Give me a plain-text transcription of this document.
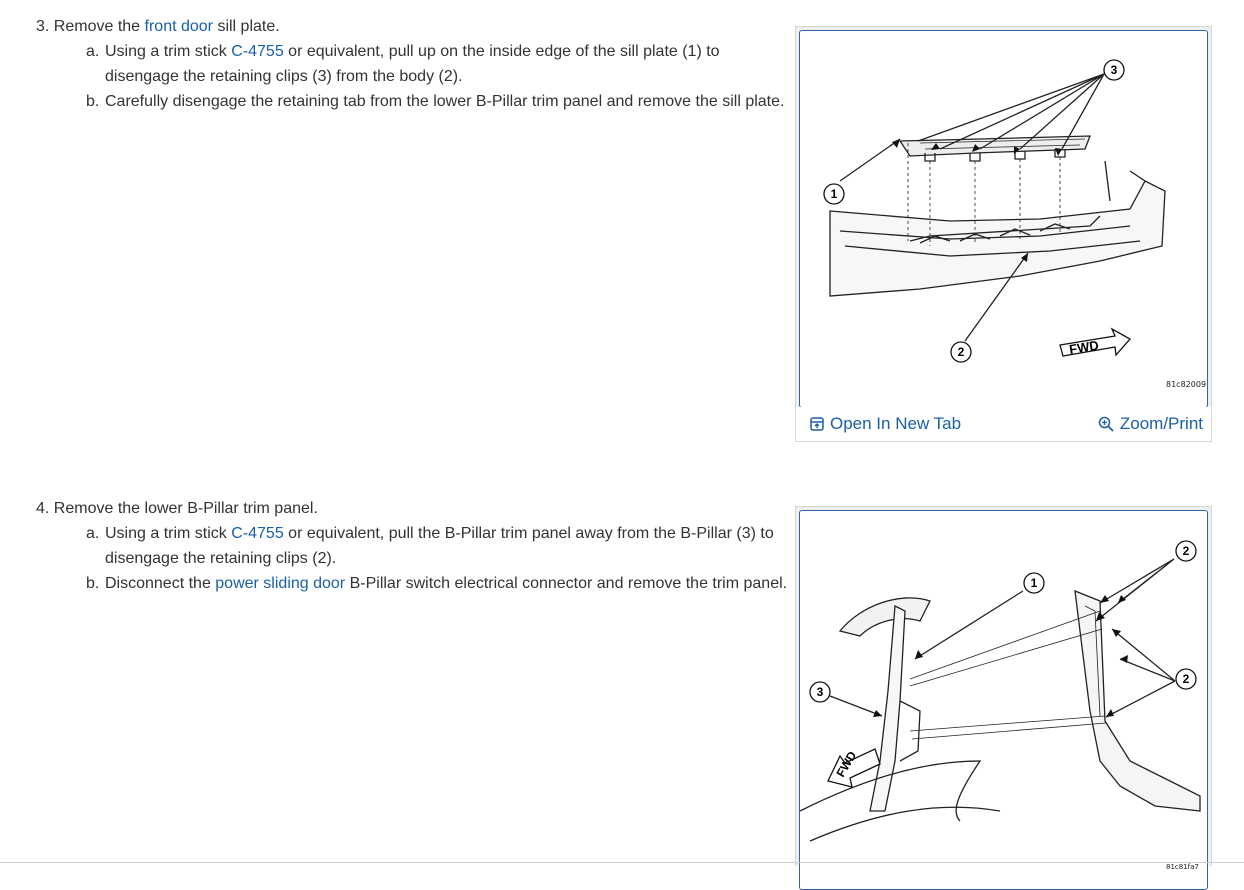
3. Remove the front door sill plate.

a. Using a trim stick C-4755 or equivalent, pull up on the inside edge of the sill plate (1) to disengage the retaining clips (3) from the body (2).
b. Carefully disengage the retaining tab from the lower B-Pillar trim panel and remove the sill plate.
1
2
3
FWD
81c82009
Open In New Tab	Zoom/Print

4. Remove the lower B-Pillar trim panel.

a. Using a trim stick C-4755 or equivalent, pull the B-Pillar trim panel away from the B-Pillar (3) to disengage the retaining clips (2).
b. Disconnect the power sliding door B-Pillar switch electrical connector and remove the trim panel.	1
2
2
3
FWD
81c81fa7
